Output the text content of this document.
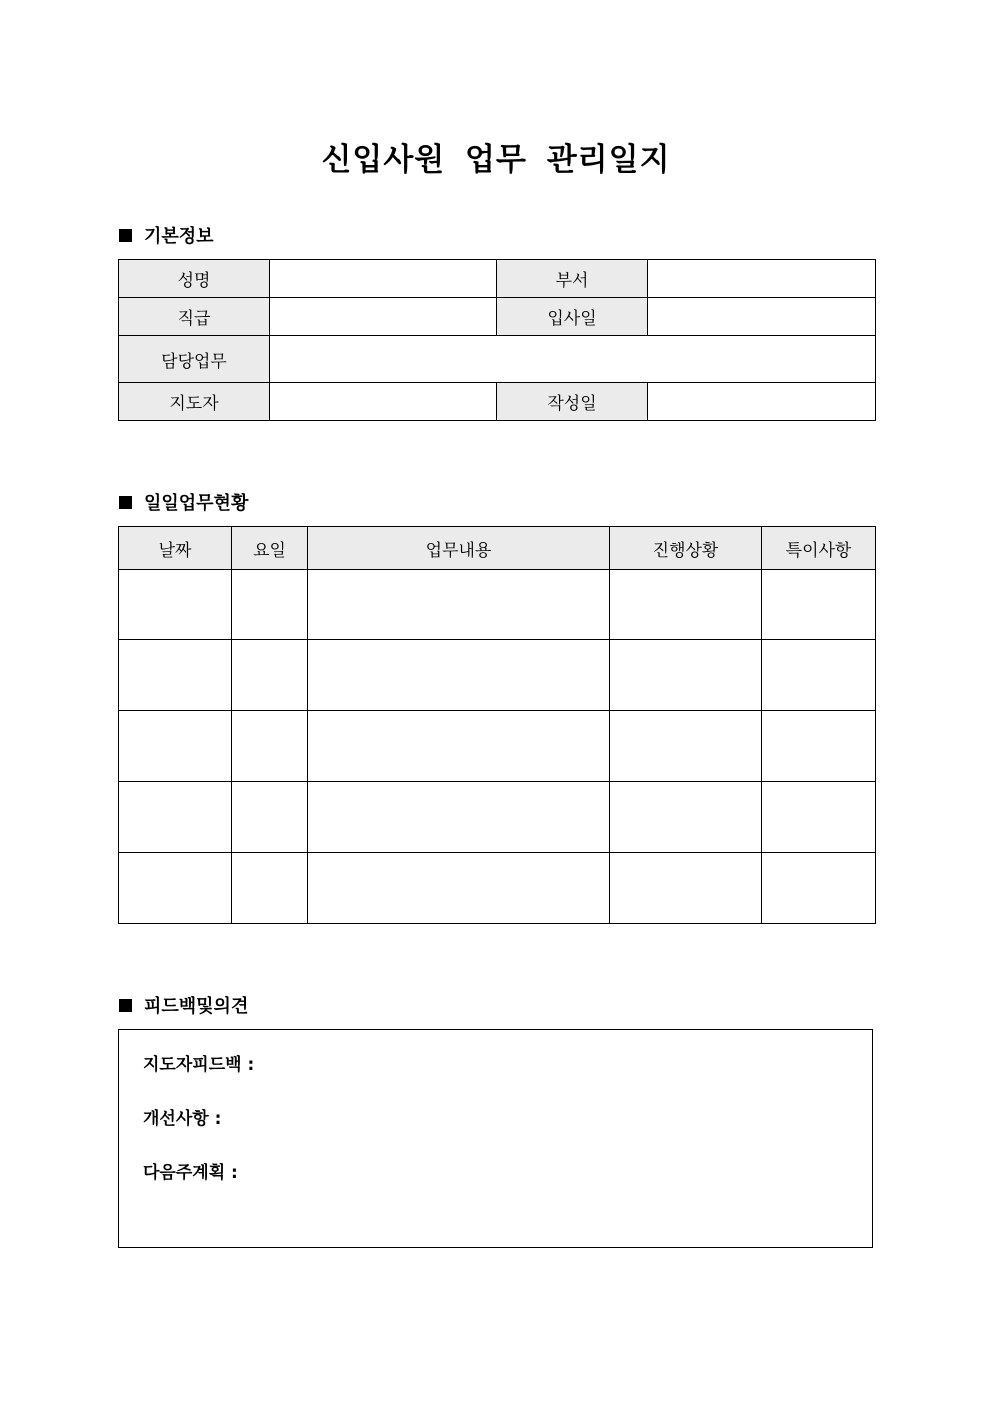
신입사원 업무 관리일지
기본정보
성명		부서	
직급		입사일	
담당업무			
지도자		작성일	
일일업무현황
날짜	요일	업무내용	진행상황	특이사항

피드백및의견
지도자피드백 :
개선사항 :
다음주계획 :
